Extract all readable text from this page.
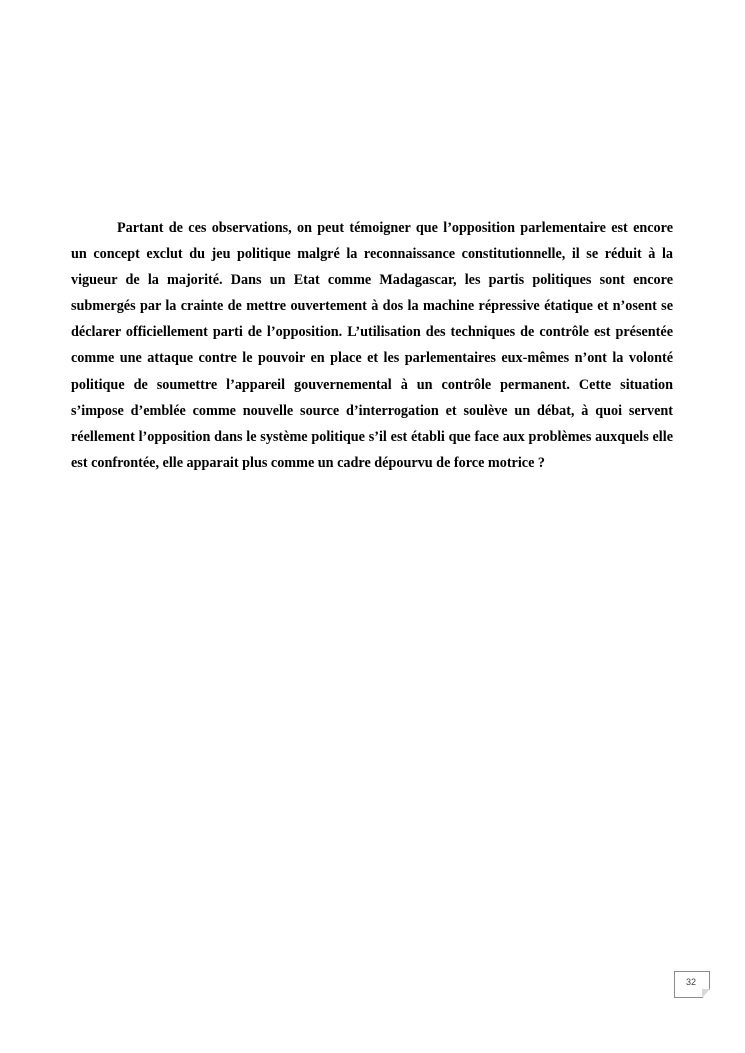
Partant de ces observations, on peut témoigner que l’opposition parlementaire est encore un concept exclut du jeu politique malgré la reconnaissance constitutionnelle, il se réduit à la vigueur de la majorité. Dans un Etat comme Madagascar, les partis politiques sont encore submergés par la crainte de mettre ouvertement à dos la machine répressive étatique et n’osent se déclarer officiellement parti de l’opposition. L’utilisation des techniques de contrôle est présentée comme une attaque contre le pouvoir en place et les parlementaires eux-mêmes n’ont la volonté politique de soumettre l’appareil gouvernemental à un contrôle permanent. Cette situation s’impose d’emblée comme nouvelle source d’interrogation et soulève un débat, à quoi servent réellement l’opposition dans le système politique s’il est établi que face aux problèmes auxquels elle est confrontée, elle apparait plus comme un cadre dépourvu de force motrice ?

32
